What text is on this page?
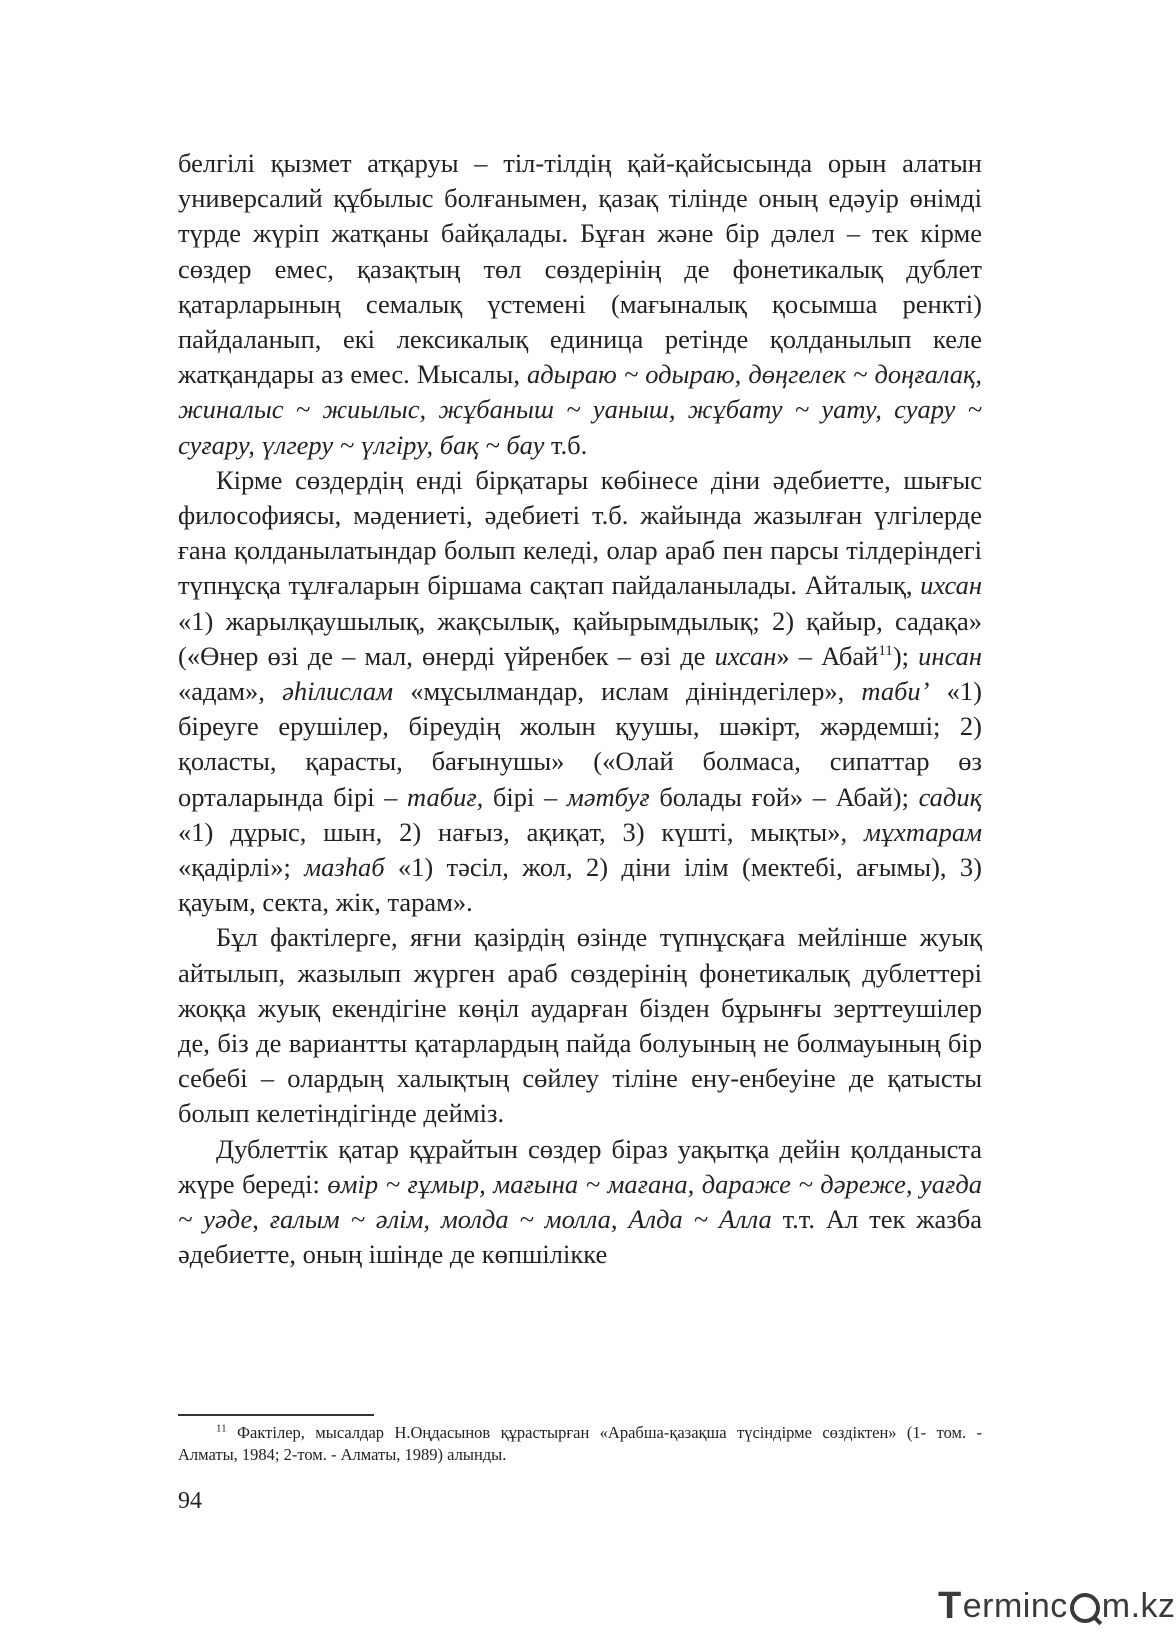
белгілі қызмет атқаруы – тіл-тілдің қай-қайсысында орын алатын универсалий құбылыс болғанымен, қазақ тілінде оның едәуір өнімді түрде жүріп жатқаны байқалады. Бұған және бір дәлел – тек кірме сөздер емес, қазақтың төл сөздерінің де фонетикалық дублет қатарларының семалық үстемені (мағыналық қосымша ренкті) пайдаланып, екі лексикалық единица ретінде қолданылып келе жатқандары аз емес. Мысалы, адыраю ~ одыраю, дөңгелек ~ доңғалақ, жиналыс ~ жиылыс, жұбаныш ~ уаныш, жұбату ~ уату, суару ~ суғару, үлгеру ~ үлгіру, бақ ~ бау т.б.

Кірме сөздердің енді бірқатары көбінесе діни әдебиетте, шығыс философиясы, мәдениеті, әдебиеті т.б. жайында жазылған үлгілерде ғана қолданылатындар болып келеді, олар араб пен парсы тілдеріндегі түпнұсқа тұлғаларын біршама сақтап пайдаланылады. Айталық, ихсан «1) жарылқаушылық, жақсылық, қайырымдылық; 2) қайыр, садақа» («Өнер өзі де – мал, өнерді үйренбек – өзі де ихсан» – Абай$^{11}$); инсан «адам», әһілислам «мұсылмандар, ислам дініндегілер», таби’ «1) біреуге ерушілер, біреудің жолын қуушы, шәкірт, жәрдемші; 2) қоласты, қарасты, бағынушы» («Олай болмаса, сипаттар өз орталарында бірі – табиғ, бірі – мәтбуғ болады ғой» – Абай); садиқ «1) дұрыс, шын, 2) нағыз, ақиқат, 3) күшті, мықты», мұхтарам «қадірлі»; мазһаб «1) тәсіл, жол, 2) діни ілім (мектебі, ағымы), 3) қауым, секта, жік, тарам».

Бұл фактілерге, яғни қазірдің өзінде түпнұсқаға мейлінше жуық айтылып, жазылып жүрген араб сөздерінің фонетикалық дублеттері жоққа жуық екендігіне көңіл аударған бізден бұрынғы зерттеушілер де, біз де вариантты қатарлардың пайда болуының не болмауының бір себебі – олардың халықтың сөйлеу тіліне ену-енбеуіне де қатысты болып келетіндігінде дейміз.

Дублеттік қатар құрайтын сөздер біраз уақытқа дейін қолданыста жүре береді: өмір ~ ғұмыр, мағына ~ мағана, дараже ~ дәреже, уағда ~ уәде, ғалым ~ әлім, молда ~ молла, Алда ~ Алла т.т. Ал тек жазба әдебиетте, оның ішінде де көпшілікке

$^{11}$ Фактілер, мысалдар Н.Оңдасынов құрастырған «Арабша-қазақша түсіндірме сөздіктен» (1- том. - Алматы, 1984; 2-том. - Алматы, 1989) алынды.
94
T erminc m.kz
